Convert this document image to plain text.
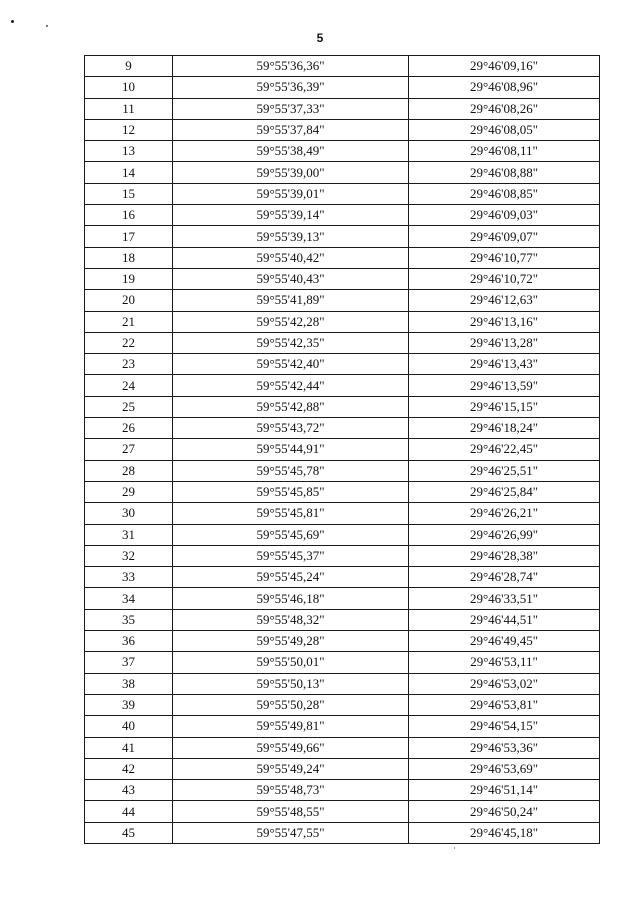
5
9	59°55'36,36"	29°46'09,16"
10	59°55'36,39"	29°46'08,96"
11	59°55'37,33"	29°46'08,26"
12	59°55'37,84"	29°46'08,05"
13	59°55'38,49"	29°46'08,11"
14	59°55'39,00"	29°46'08,88"
15	59°55'39,01"	29°46'08,85"
16	59°55'39,14"	29°46'09,03"
17	59°55'39,13"	29°46'09,07"
18	59°55'40,42"	29°46'10,77"
19	59°55'40,43"	29°46'10,72"
20	59°55'41,89"	29°46'12,63"
21	59°55'42,28"	29°46'13,16"
22	59°55'42,35"	29°46'13,28"
23	59°55'42,40"	29°46'13,43"
24	59°55'42,44"	29°46'13,59"
25	59°55'42,88"	29°46'15,15"
26	59°55'43,72"	29°46'18,24"
27	59°55'44,91"	29°46'22,45"
28	59°55'45,78"	29°46'25,51"
29	59°55'45,85"	29°46'25,84"
30	59°55'45,81"	29°46'26,21"
31	59°55'45,69"	29°46'26,99"
32	59°55'45,37"	29°46'28,38"
33	59°55'45,24"	29°46'28,74"
34	59°55'46,18"	29°46'33,51"
35	59°55'48,32"	29°46'44,51"
36	59°55'49,28"	29°46'49,45"
37	59°55'50,01"	29°46'53,11"
38	59°55'50,13"	29°46'53,02"
39	59°55'50,28"	29°46'53,81"
40	59°55'49,81"	29°46'54,15"
41	59°55'49,66"	29°46'53,36"
42	59°55'49,24"	29°46'53,69"
43	59°55'48,73"	29°46'51,14"
44	59°55'48,55"	29°46'50,24"
45	59°55'47,55"	29°46'45,18"
